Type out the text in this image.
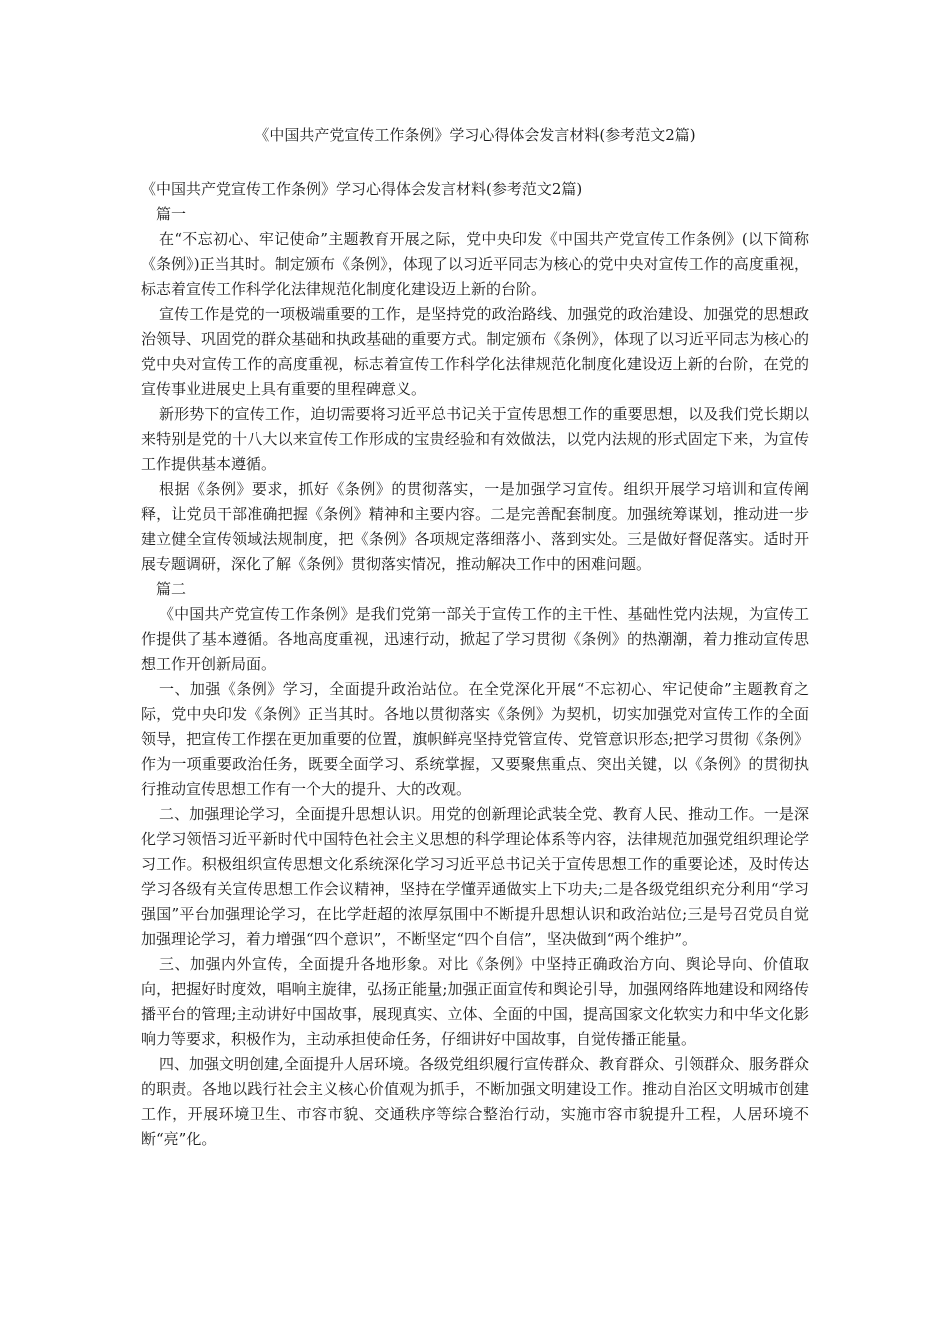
《中国共产党宣传工作条例》学习心得体会发言材料(参考范文2篇)

《中国共产党宣传工作条例》学习心得体会发言材料(参考范文2篇)

篇一

在“不忘初心、牢记使命”主题教育开展之际，党中央印发《中国共产党宣传工作条例》(以下简称《条例》)正当其时。制定颁布《条例》，体现了以习近平同志为核心的党中央对宣传工作的高度重视，标志着宣传工作科学化法律规范化制度化建设迈上新的台阶。

宣传工作是党的一项极端重要的工作，是坚持党的政治路线、加强党的政治建设、加强党的思想政治领导、巩固党的群众基础和执政基础的重要方式。制定颁布《条例》，体现了以习近平同志为核心的党中央对宣传工作的高度重视，标志着宣传工作科学化法律规范化制度化建设迈上新的台阶，在党的宣传事业进展史上具有重要的里程碑意义。

新形势下的宣传工作，迫切需要将习近平总书记关于宣传思想工作的重要思想，以及我们党长期以来特别是党的十八大以来宣传工作形成的宝贵经验和有效做法，以党内法规的形式固定下来，为宣传工作提供基本遵循。

根据《条例》要求，抓好《条例》的贯彻落实，一是加强学习宣传。组织开展学习培训和宣传阐释，让党员干部准确把握《条例》精神和主要内容。二是完善配套制度。加强统筹谋划，推动进一步建立健全宣传领域法规制度，把《条例》各项规定落细落小、落到实处。三是做好督促落实。适时开展专题调研，深化了解《条例》贯彻落实情况，推动解决工作中的困难问题。

篇二

《中国共产党宣传工作条例》是我们党第一部关于宣传工作的主干性、基础性党内法规，为宣传工作提供了基本遵循。各地高度重视，迅速行动，掀起了学习贯彻《条例》的热潮潮，着力推动宣传思想工作开创新局面。

一、加强《条例》学习，全面提升政治站位。在全党深化开展“不忘初心、牢记使命”主题教育之际，党中央印发《条例》正当其时。各地以贯彻落实《条例》为契机，切实加强党对宣传工作的全面领导，把宣传工作摆在更加重要的位置，旗帜鲜亮坚持党管宣传、党管意识形态;把学习贯彻《条例》作为一项重要政治任务，既要全面学习、系统掌握，又要聚焦重点、突出关键，以《条例》的贯彻执行推动宣传思想工作有一个大的提升、大的改观。

二、加强理论学习，全面提升思想认识。用党的创新理论武装全党、教育人民、推动工作。一是深化学习领悟习近平新时代中国特色社会主义思想的科学理论体系等内容，法律规范加强党组织理论学习工作。积极组织宣传思想文化系统深化学习习近平总书记关于宣传思想工作的重要论述，及时传达学习各级有关宣传思想工作会议精神，坚持在学懂弄通做实上下功夫;二是各级党组织充分利用“学习强国”平台加强理论学习，在比学赶超的浓厚氛围中不断提升思想认识和政治站位;三是号召党员自觉加强理论学习，着力增强“四个意识”，不断坚定“四个自信”，坚决做到“两个维护”。

三、加强内外宣传，全面提升各地形象。对比《条例》中坚持正确政治方向、舆论导向、价值取向，把握好时度效，唱响主旋律，弘扬正能量;加强正面宣传和舆论引导，加强网络阵地建设和网络传播平台的管理;主动讲好中国故事，展现真实、立体、全面的中国，提高国家文化软实力和中华文化影响力等要求，积极作为，主动承担使命任务，仔细讲好中国故事，自觉传播正能量。

四、加强文明创建,全面提升人居环境。各级党组织履行宣传群众、教育群众、引领群众、服务群众的职责。各地以践行社会主义核心价值观为抓手，不断加强文明建设工作。推动自治区文明城市创建工作，开展环境卫生、市容市貌、交通秩序等综合整治行动，实施市容市貌提升工程，人居环境不断“亮”化。
